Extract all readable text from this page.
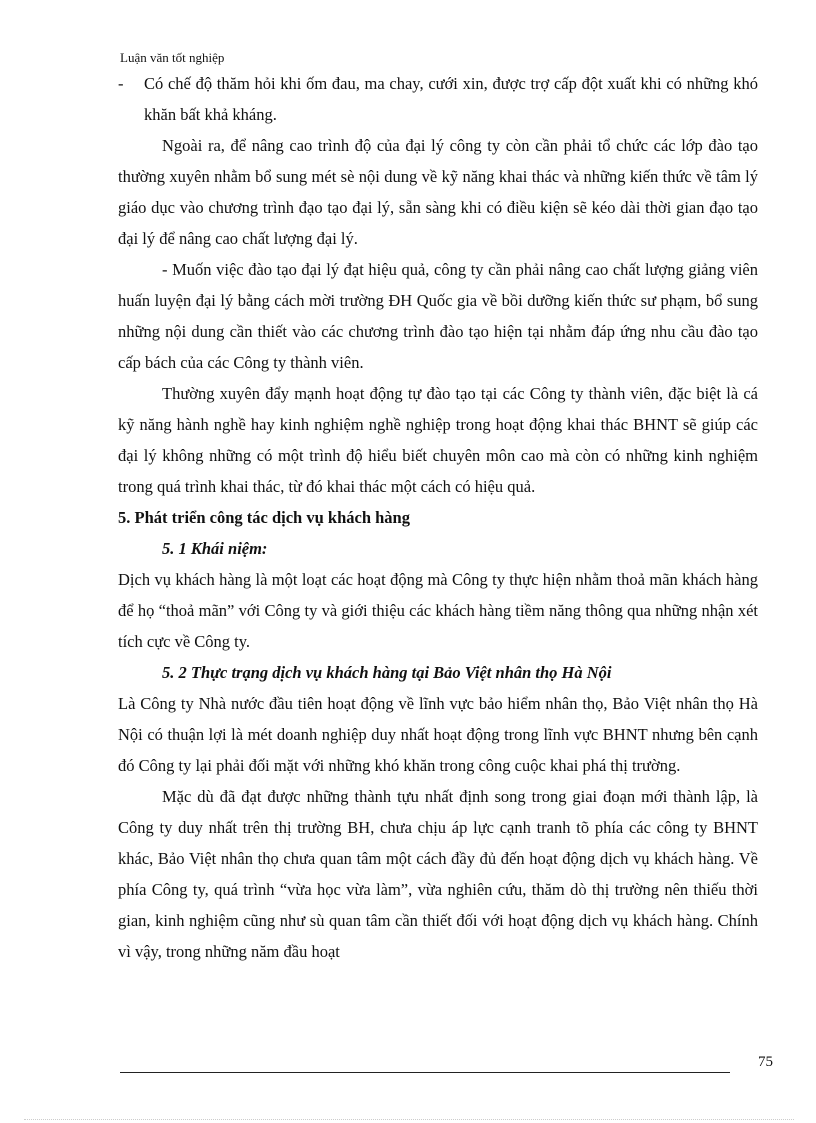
Luận văn tốt nghiệp
-	Có chế độ thăm hỏi khi ốm đau, ma chay, cưới xin, được trợ cấp đột xuất khi có những khó khăn bất khả kháng.

Ngoài ra, để nâng cao trình độ của đại lý công ty còn cần phải tổ chức các lớp đào tạo thường xuyên nhằm bổ sung mét sè nội dung về kỹ năng khai thác và những kiến thức về tâm lý giáo dục vào chương trình đạo tạo đại lý, sẵn sàng khi có điều kiện sẽ kéo dài thời gian đạo tạo đại lý để nâng cao chất lượng đại lý.

- Muốn việc đào tạo đại lý đạt hiệu quả, công ty cần phải nâng cao chất lượng giảng viên huấn luyện đại lý bằng cách mời trường ĐH Quốc gia về bồi dưỡng kiến thức sư phạm, bổ sung những nội dung cần thiết vào các chương trình đào tạo hiện tại nhằm đáp ứng nhu cầu đào tạo cấp bách của các Công ty thành viên.

Thường xuyên đẩy mạnh hoạt động tự đào tạo tại các Công ty thành viên, đặc biệt là cá kỹ năng hành nghề hay kinh nghiệm nghề nghiệp trong hoạt động khai thác BHNT sẽ giúp các đại lý không những có một trình độ hiểu biết chuyên môn cao mà còn có những kinh nghiệm trong quá trình khai thác, từ đó khai thác một cách có hiệu quả.

5. Phát triển công tác dịch vụ khách hàng

5. 1 Khái niệm:

Dịch vụ khách hàng là một loạt các hoạt động mà Công ty thực hiện nhằm thoả mãn khách hàng để họ “thoả mãn” với Công ty và giới thiệu các khách hàng tiềm năng thông qua những nhận xét tích cực về Công ty.

5. 2 Thực trạng dịch vụ khách hàng tại Bảo Việt nhân thọ Hà Nội

Là Công ty Nhà nước đầu tiên hoạt động về lĩnh vực bảo hiểm nhân thọ, Bảo Việt nhân thọ Hà Nội có thuận lợi là mét doanh nghiệp duy nhất hoạt động trong lĩnh vực BHNT nhưng bên cạnh đó Công ty lại phải đối mặt với những khó khăn trong công cuộc khai phá thị trường.

Mặc dù đã đạt được những thành tựu nhất định song trong giai đoạn mới thành lập, là Công ty duy nhất trên thị trường BH, chưa chịu áp lực cạnh tranh tõ phía các công ty BHNT khác, Bảo Việt nhân thọ chưa quan tâm một cách đầy đủ đến hoạt động dịch vụ khách hàng. Về phía Công ty, quá trình “vừa học vừa làm”, vừa nghiên cứu, thăm dò thị trường nên thiếu thời gian, kinh nghiệm cũng như sù quan tâm cần thiết đối với hoạt động dịch vụ khách hàng. Chính vì vậy, trong những năm đầu hoạt

75
